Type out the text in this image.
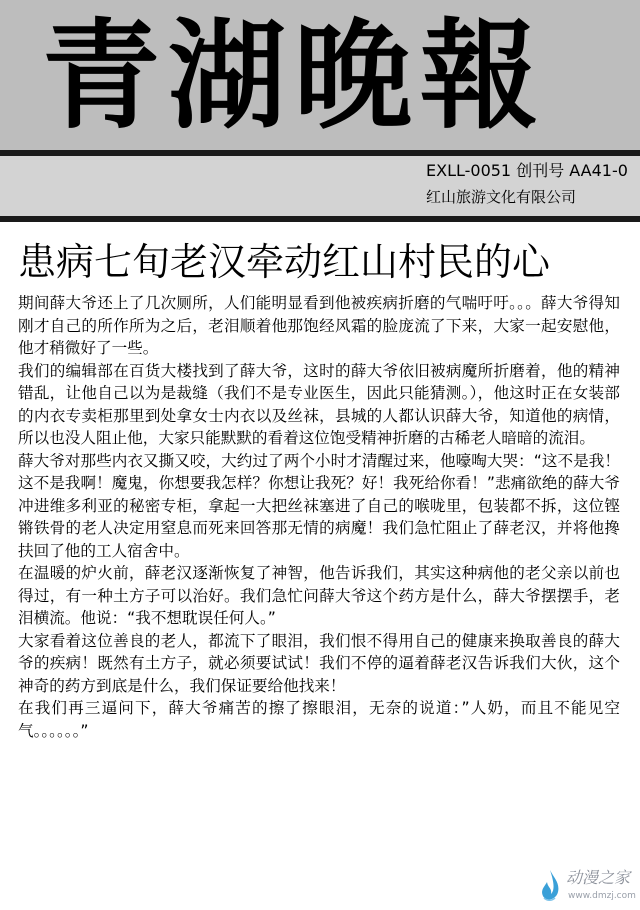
青湖晚報
EXLL-0051 创刊号 AA41-0
红山旅游文化有限公司
患病七旬老汉牵动红山村民的心

期间薛大爷还上了几次厕所，人们能明显看到他被疾病折磨的气喘吁吁。。。薛大爷得知刚才自己的所作所为之后，老泪顺着他那饱经风霜的脸庞流了下来，大家一起安慰他，他才稍微好了一些。

我们的编辑部在百货大楼找到了薛大爷，这时的薛大爷依旧被病魔所折磨着，他的精神错乱，让他自己以为是裁缝（我们不是专业医生，因此只能猜测。），他这时正在女装部的内衣专卖柜那里到处拿女士内衣以及丝袜，县城的人都认识薛大爷，知道他的病情，所以也没人阻止他，大家只能默默的看着这位饱受精神折磨的古稀老人暗暗的流泪。

薛大爷对那些内衣又撕又咬，大约过了两个小时才清醒过来，他嚎啕大哭：“这不是我！这不是我啊！魔鬼，你想要我怎样？你想让我死？好！我死给你看！”悲痛欲绝的薛大爷冲进维多利亚的秘密专柜，拿起一大把丝袜塞进了自己的喉咙里，包装都不拆，这位铿锵铁骨的老人决定用窒息而死来回答那无情的病魔！我们急忙阻止了薛老汉，并将他搀扶回了他的工人宿舍中。

在温暖的炉火前，薛老汉逐渐恢复了神智，他告诉我们，其实这种病他的老父亲以前也得过，有一种土方子可以治好。我们急忙问薛大爷这个药方是什么，薛大爷摆摆手，老泪横流。他说：“我不想耽误任何人。”

大家看着这位善良的老人，都流下了眼泪，我们恨不得用自己的健康来换取善良的薛大爷的疾病！既然有土方子，就必须要试试！我们不停的逼着薛老汉告诉我们大伙，这个神奇的药方到底是什么，我们保证要给他找来！

在我们再三逼问下，薛大爷痛苦的擦了擦眼泪，无奈的说道：”人奶，而且不能见空气。。。。。。”

动漫之家
www.dmzj.com
